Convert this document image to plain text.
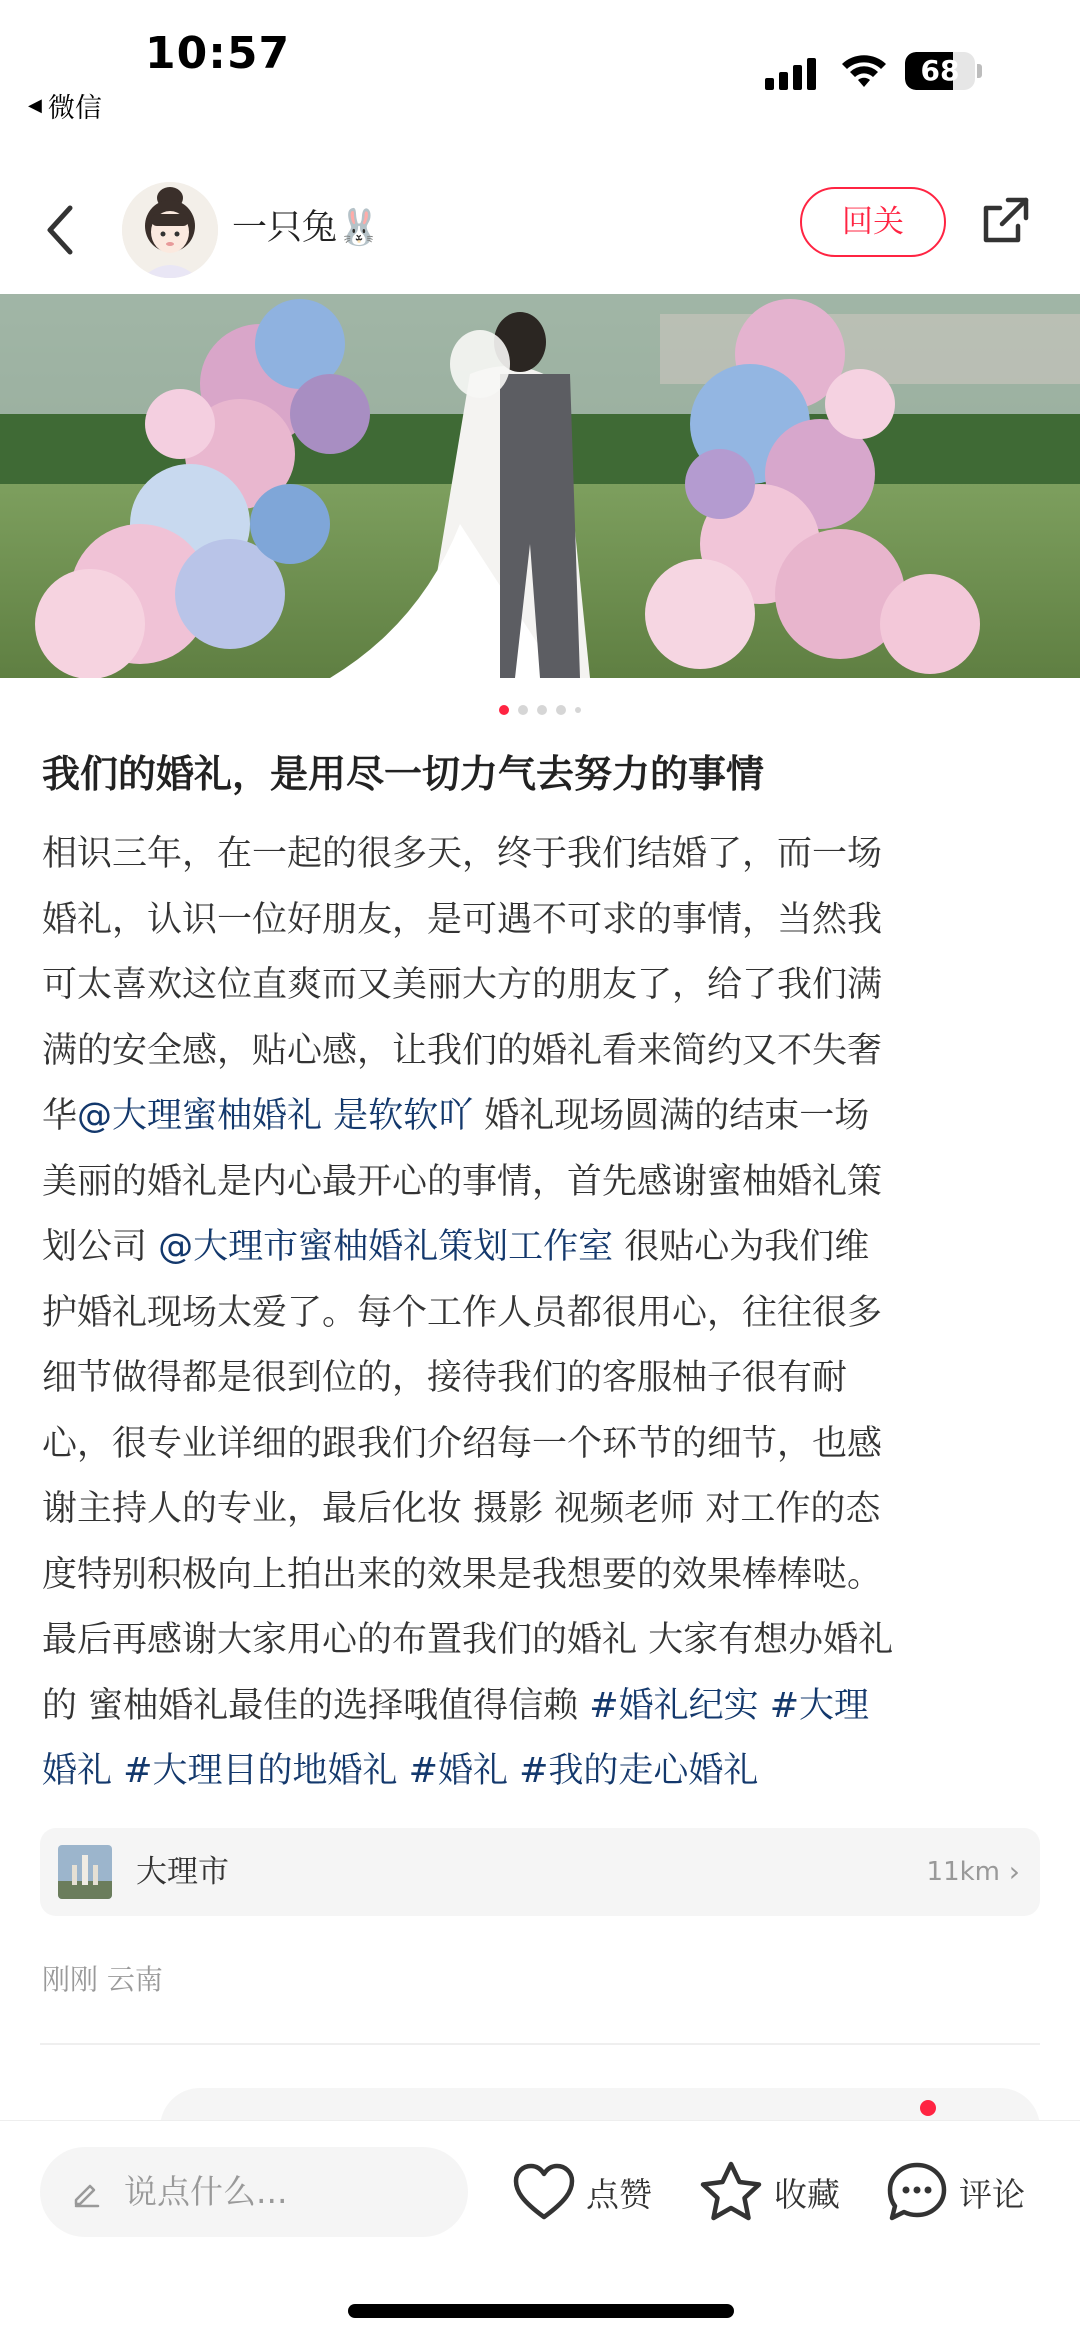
10:57
◀ 微信
68
一只兔🐰	回关
我们的婚礼，是用尽一切力气去努力的事情
相识三年，在一起的很多天，终于我们结婚了，而一场
婚礼，认识一位好朋友，是可遇不可求的事情，当然我
可太喜欢这位直爽而又美丽大方的朋友了，给了我们满
满的安全感，贴心感，让我们的婚礼看来简约又不失奢
华@大理蜜柚婚礼 是软软吖 婚礼现场圆满的结束一场
美丽的婚礼是内心最开心的事情，首先感谢蜜柚婚礼策
划公司 @大理市蜜柚婚礼策划工作室 很贴心为我们维
护婚礼现场太爱了。每个工作人员都很用心，往往很多
细节做得都是很到位的，接待我们的客服柚子很有耐
心，很专业详细的跟我们介绍每一个环节的细节，也感
谢主持人的专业，最后化妆 摄影 视频老师 对工作的态
度特别积极向上拍出来的效果是我想要的效果棒棒哒。
最后再感谢大家用心的布置我们的婚礼 大家有想办婚礼
的 蜜柚婚礼最佳的选择哦值得信赖 #婚礼纪实 #大理
婚礼 #大理目的地婚礼 #婚礼 #我的走心婚礼
大理市	11km ›
刚刚 云南
说点什么...	点赞	收藏	评论
